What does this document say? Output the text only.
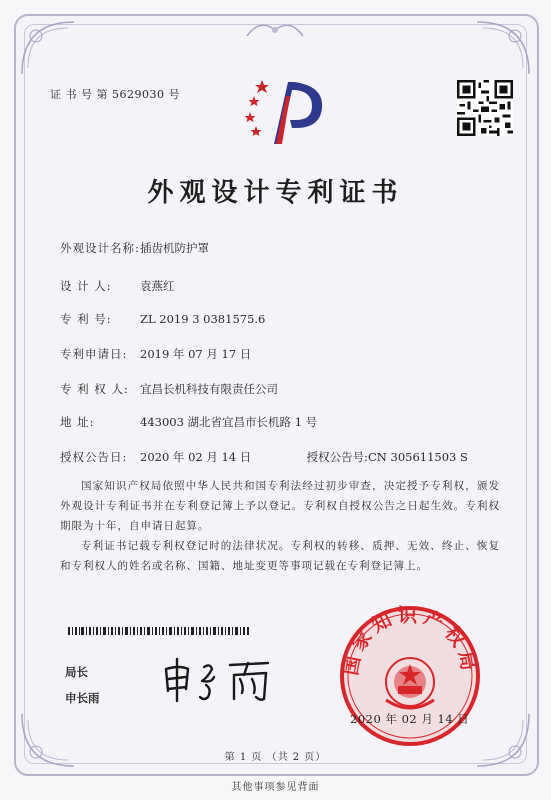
证 书 号 第 5629030 号
外观设计专利证书
外观设计名称:插齿机防护罩
设 计 人: 袁燕红
专 利 号: ZL 2019 3 0381575.6
专利申请日: 2019 年 07 月 17 日
专 利 权 人: 宜昌长机科技有限责任公司
地 址:	443003 湖北省宜昌市长机路 1 号
授权公告日: 2020 年 02 月 14 日	授权公告号:CN 305611503 S
国家知识产权局依照中华人民共和国专利法经过初步审查，决定授予专利权，颁发外观设计专利证书并在专利登记簿上予以登记。专利权自授权公告之日起生效。专利权期限为十年，自申请日起算。
专利证书记载专利权登记时的法律状况。专利权的转移、质押、无效、终止、恢复和专利权人的姓名或名称、国籍、地址变更等事项记载在专利登记簿上。
局长
申长雨
国家知识产权局
2020 年 02 月 14 日
第 1 页 （共 2 页）
其他事项参见背面
